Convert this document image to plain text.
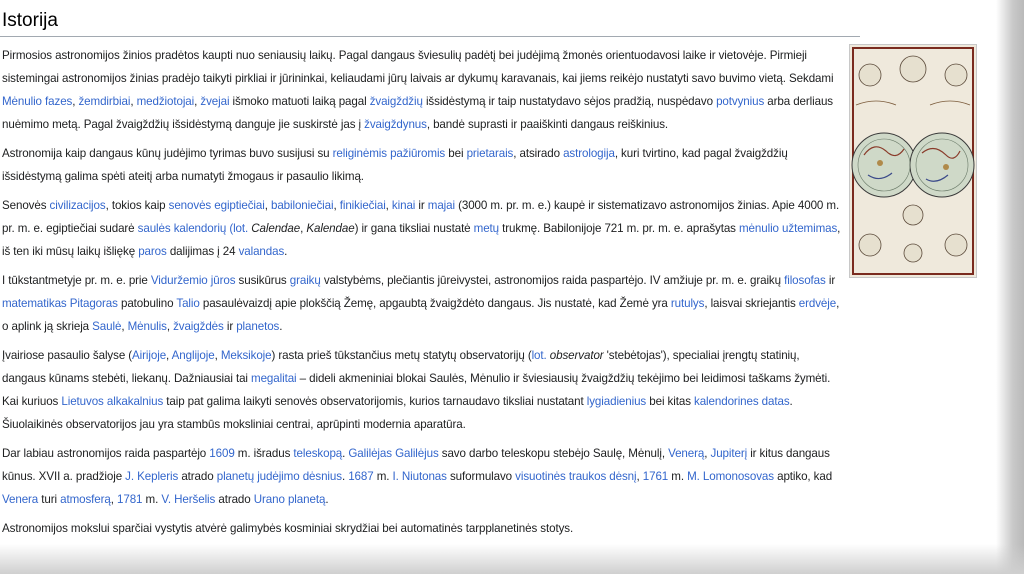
Istorija

Pirmosios astronomijos žinios pradėtos kaupti nuo seniausių laikų. Pagal dangaus šviesulių padėtį bei judėjimą žmonės orientuodavosi laike ir vietovėje. Pirmieji sistemingai astronomijos žinias pradėjo taikyti pirkliai ir jūrininkai, keliaudami jūrų laivais ar dykumų karavanais, kai jiems reikėjo nustatyti savo buvimo vietą. Sekdami Mėnulio fazes, žemdirbiai, medžiotojai, žvejai išmoko matuoti laiką pagal žvaigždžių išsidėstymą ir taip nustatydavo sėjos pradžią, nuspėdavo potvynius arba derliaus nuėmimo metą. Pagal žvaigždžių išsidėstymą danguje jie suskirstė jas į žvaigždynus, bandė suprasti ir paaiškinti dangaus reiškinius.

Astronomija kaip dangaus kūnų judėjimo tyrimas buvo susijusi su religinėmis pažiūromis bei prietarais, atsirado astrologija, kuri tvirtino, kad pagal žvaigždžių išsidėstymą galima spėti ateitį arba numatyti žmogaus ir pasaulio likimą.

Senovės civilizacijos, tokios kaip senovės egiptiečiai, babiloniečiai, finikiečiai, kinai ir majai (3000 m. pr. m. e.) kaupė ir sistematizavo astronomijos žinias. Apie 4000 m. pr. m. e. egiptiečiai sudarė saulės kalendorių (lot. Calendae, Kalendae) ir gana tiksliai nustatė metų trukmę. Babilonijoje 721 m. pr. m. e. aprašytas mėnulio užtemimas, iš ten iki mūsų laikų išliękę paros dalijimas į 24 valandas.

I tūkstantmetyje pr. m. e. prie Viduržemio jūros susikūrus graikų valstybėms, plečiantis jūreivystei, astronomijos raida paspartėjo. IV amžiuje pr. m. e. graikų filosofas ir matematikas Pitagoras patobulino Talio pasaulėvaizdį apie plokščią Žemę, apgaubtą žvaigždėto dangaus. Jis nustatė, kad Žemė yra rutulys, laisvai skriejantis erdvėje, o aplink ją skrieja Saulė, Mėnulis, žvaigždės ir planetos.

Įvairiose pasaulio šalyse (Airijoje, Anglijoje, Meksikoje) rasta prieš tūkstančius metų statytų observatorijų (lot. observator 'stebėtojas'), specialiai įrengtų statinių, dangaus kūnams stebėti, liekanų. Dažniausiai tai megalitai – dideli akmeniniai blokai Saulės, Mėnulio ir šviesiausių žvaigždžių tekėjimo bei leidimosi taškams žymėti. Kai kuriuos Lietuvos alkakalnius taip pat galima laikyti senovės observatorijomis, kurios tarnaudavo tiksliai nustatant lygiadienius bei kitas kalendorines datas. Šiuolaikinės observatorijos jau yra stambūs moksliniai centrai, aprūpinti modernia aparatūra.

Dar labiau astronomijos raida paspartėjo 1609 m. išradus teleskopą. Galilėjas Galilėjus savo darbo teleskopu stebėjo Saulę, Mėnulį, Venerą, Jupiterį ir kitus dangaus kūnus. XVII a. pradžioje J. Kepleris atrado planetų judėjimo dėsnius. 1687 m. I. Niutonas suformulavo visuotinės traukos dėsnį, 1761 m. M. Lomonosovas aptiko, kad Venera turi atmosferą, 1781 m. V. Heršelis atrado Urano planetą.

Astronomijos mokslui sparčiai vystytis atvėrė galimybės kosminiai skrydžiai bei automatinės tarpplanetinės stotys.
